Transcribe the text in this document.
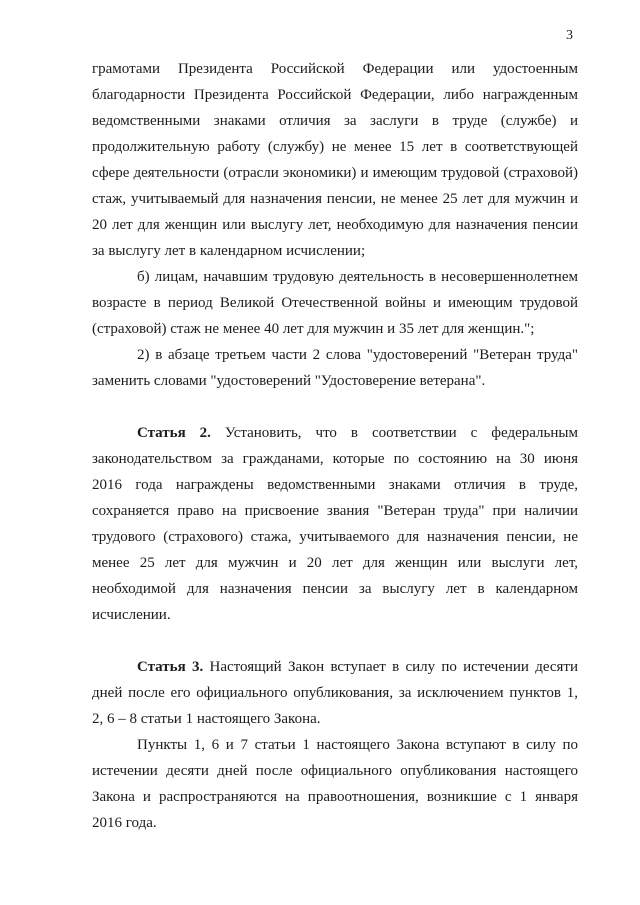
3
грамотами Президента Российской Федерации или удостоенным
благодарности Президента Российской Федерации, либо награжденным
ведомственными знаками отличия за заслуги в труде (службе) и
продолжительную работу (службу) не менее 15 лет в соответствующей
сфере деятельности (отрасли экономики) и имеющим трудовой (страховой)
стаж, учитываемый для назначения пенсии, не менее 25 лет для мужчин и
20 лет для женщин или выслугу лет, необходимую для назначения пенсии
за выслугу лет в календарном исчислении;
б) лицам, начавшим трудовую деятельность в несовершеннолетнем
возрасте в период Великой Отечественной войны и имеющим трудовой
(страховой) стаж не менее 40 лет для мужчин и 35 лет для женщин.";
2) в абзаце третьем части 2 слова "удостоверений "Ветеран труда"
заменить словами "удостоверений "Удостоверение ветерана".
Статья 2. Установить, что в соответствии с федеральным
законодательством за гражданами, которые по состоянию на 30 июня
2016 года награждены ведомственными знаками отличия в труде,
сохраняется право на присвоение звания "Ветеран труда" при наличии
трудового (страхового) стажа, учитываемого для назначения пенсии, не
менее 25 лет для мужчин и 20 лет для женщин или выслуги лет,
необходимой для назначения пенсии за выслугу лет в календарном
исчислении.
Статья 3. Настоящий Закон вступает в силу по истечении десяти
дней после его официального опубликования, за исключением пунктов 1,
2, 6 – 8 статьи 1 настоящего Закона.
Пункты 1, 6 и 7 статьи 1 настоящего Закона вступают в силу по
истечении десяти дней после официального опубликования настоящего
Закона и распространяются на правоотношения, возникшие с 1 января
2016 года.
